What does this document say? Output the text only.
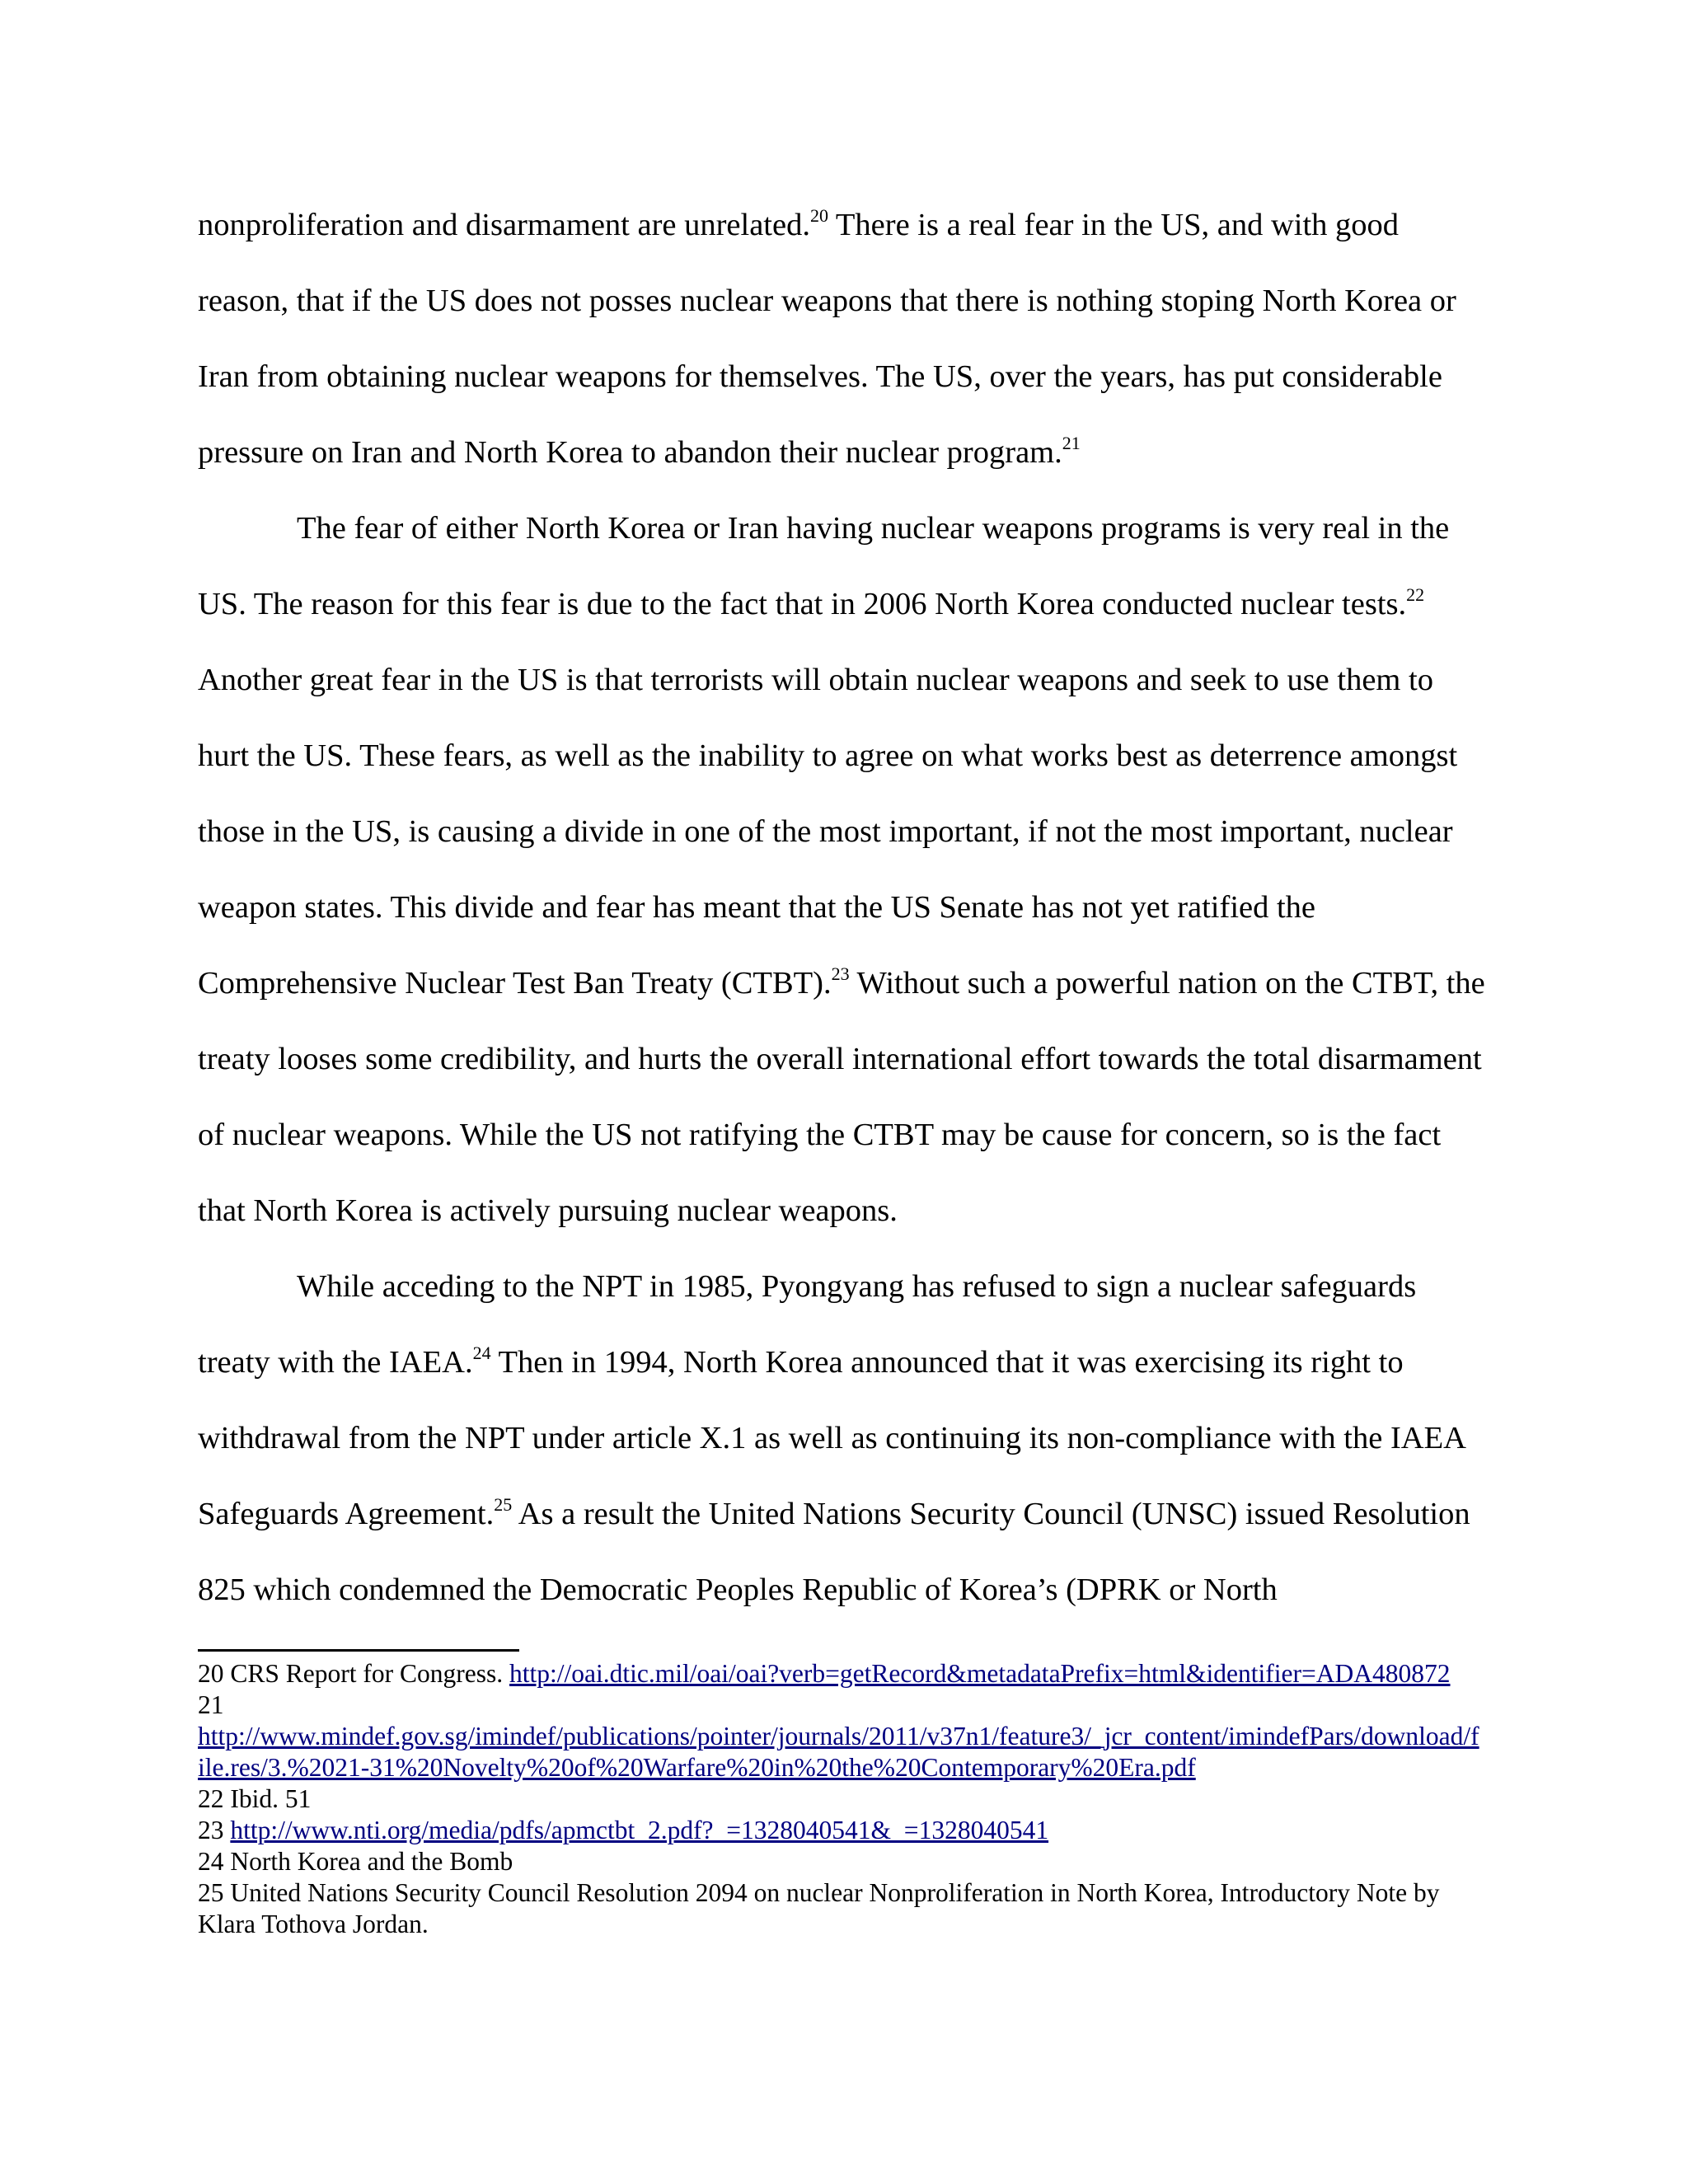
nonproliferation and disarmament are unrelated.$^{20}$ There is a real fear in the US, and with good reason, that if the US does not posses nuclear weapons that there is nothing stoping North Korea or Iran from obtaining nuclear weapons for themselves. The US, over the years, has put considerable pressure on Iran and North Korea to abandon their nuclear program.$^{21}$

The fear of either North Korea or Iran having nuclear weapons programs is very real in the US. The reason for this fear is due to the fact that in 2006 North Korea conducted nuclear tests.$^{22}$ Another great fear in the US is that terrorists will obtain nuclear weapons and seek to use them to hurt the US. These fears, as well as the inability to agree on what works best as deterrence amongst those in the US, is causing a divide in one of the most important, if not the most important, nuclear weapon states. This divide and fear has meant that the US Senate has not yet ratified the Comprehensive Nuclear Test Ban Treaty (CTBT).$^{23}$ Without such a powerful nation on the CTBT, the treaty looses some credibility, and hurts the overall international effort towards the total disarmament of nuclear weapons. While the US not ratifying the CTBT may be cause for concern, so is the fact that North Korea is actively pursuing nuclear weapons.

While acceding to the NPT in 1985, Pyongyang has refused to sign a nuclear safeguards treaty with the IAEA.$^{24}$ Then in 1994, North Korea announced that it was exercising its right to withdrawal from the NPT under article X.1 as well as continuing its non-compliance with the IAEA Safeguards Agreement.$^{25}$ As a result the United Nations Security Council (UNSC) issued Resolution 825 which condemned the Democratic Peoples Republic of Korea’s (DPRK or North

20 CRS Report for Congress. http://oai.dtic.mil/oai/oai?verb=getRecord&metadataPrefix=html&identifier=ADA480872
21
http://www.mindef.gov.sg/imindef/publications/pointer/journals/2011/v37n1/feature3/_jcr_content/imindefPars/download/file.res/3.%2021-31%20Novelty%20of%20Warfare%20in%20the%20Contemporary%20Era.pdf
22 Ibid. 51
23 http://www.nti.org/media/pdfs/apmctbt_2.pdf?_=1328040541&_=1328040541
24 North Korea and the Bomb
25 United Nations Security Council Resolution 2094 on nuclear Nonproliferation in North Korea, Introductory Note by Klara Tothova Jordan.
